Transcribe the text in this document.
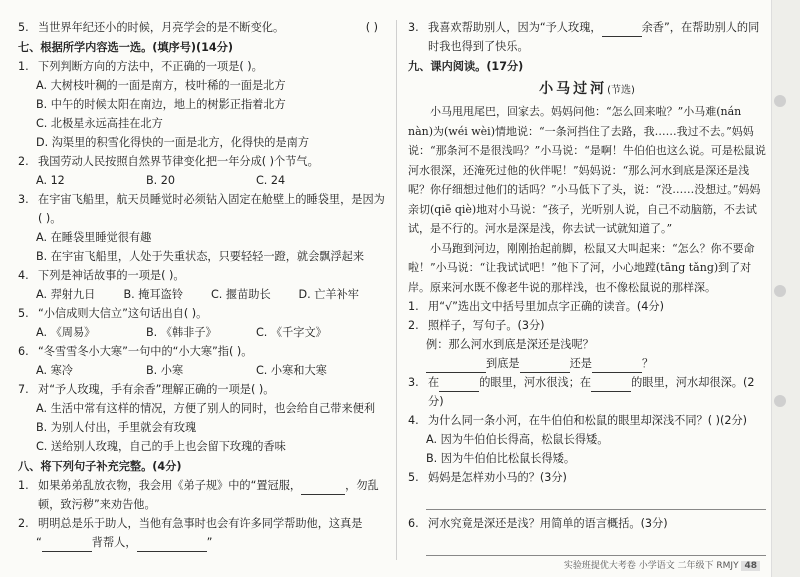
5. 当世界年纪还小的时候，月亮学会的是不断变化。	( )
七、根据所学内容选一选。(填序号)(14分)
1. 下列判断方向的方法中，不正确的一项是( )。
A. 大树枝叶稠的一面是南方，枝叶稀的一面是北方
B. 中午的时候太阳在南边，地上的树影正指着北方
C. 北极星永远高挂在北方
D. 沟渠里的积雪化得快的一面是北方，化得快的是南方
2. 我国劳动人民按照自然界节律变化把一年分成( )个节气。
A. 12	B. 20	C. 24
3. 在宇宙飞船里，航天员睡觉时必须钻入固定在舱壁上的睡袋里，是因为( )。
A. 在睡袋里睡觉很有趣
B. 在宇宙飞船里，人处于失重状态，只要轻轻一蹬，就会飘浮起来
4. 下列是神话故事的一项是( )。
A. 羿射九日	B. 掩耳盗铃	C. 揠苗助长	D. 亡羊补牢
5. “小信成则大信立”这句话出自( )。
A. 《周易》	B. 《韩非子》	C. 《千字文》
6. “冬雪雪冬小大寒”一句中的“小大寒”指( )。
A. 寒冷	B. 小寒	C. 小寒和大寒
7. 对“予人玫瑰，手有余香”理解正确的一项是( )。
A. 生活中常有这样的情况，方便了别人的同时，也会给自己带来便利
B. 为别人付出，手里就会有玫瑰
C. 送给别人玫瑰，自己的手上也会留下玫瑰的香味
八、将下列句子补充完整。(4分)
1. 如果弟弟乱放衣物，我会用《弟子规》中的“置冠服，	，勿乱顿，致污秽”来劝告他。
2. 明明总是乐于助人，当他有急事时也会有许多同学帮助他，这真是
“	背帮人，	”
3. 我喜欢帮助别人，因为“予人玫瑰，	余香”，在帮助别人的同时我也得到了快乐。
九、课内阅读。(17分)
小马过河(节选)

小马甩甩尾巴，回家去。妈妈问他：“怎么回来啦？”小马难(nán nàn)为(wéi wèi)情地说：“一条河挡住了去路，我……我过不去。”妈妈说：“那条河不是很浅吗？”小马说：“是啊！牛伯伯也这么说。可是松鼠说河水很深，还淹死过他的伙伴呢！”妈妈说：“那么河水到底是深还是浅呢？你仔细想过他们的话吗？”小马低下了头，说：“没……没想过。”妈妈亲切(qiē qiè)地对小马说：“孩子，光听别人说，自己不动脑筋，不去试试，是不行的。河水是深是浅，你去试一试就知道了。”

小马跑到河边，刚刚抬起前脚，松鼠又大叫起来：“怎么？你不要命啦！”小马说：“让我试试吧！”他下了河，小心地蹚(tāng tǎng)到了对岸。原来河水既不像老牛说的那样浅，也不像松鼠说的那样深。

1. 用“√”选出文中括号里加点字正确的读音。(4分)
2. 照样子，写句子。(3分)
例：那么河水到底是深还是浅呢？
到底是	还是	？
3. 在	的眼里，河水很浅；在	的眼里，河水却很深。(2分)
4. 为什么同一条小河，在牛伯伯和松鼠的眼里却深浅不同？( )(2分)
A. 因为牛伯伯长得高，松鼠长得矮。
B. 因为牛伯伯比松鼠长得矮。
5. 妈妈是怎样劝小马的？(3分)
6. 河水究竟是深还是浅？用简单的语言概括。(3分)
实验班提优大考卷 小学语文 二年级下 RMJY 48
